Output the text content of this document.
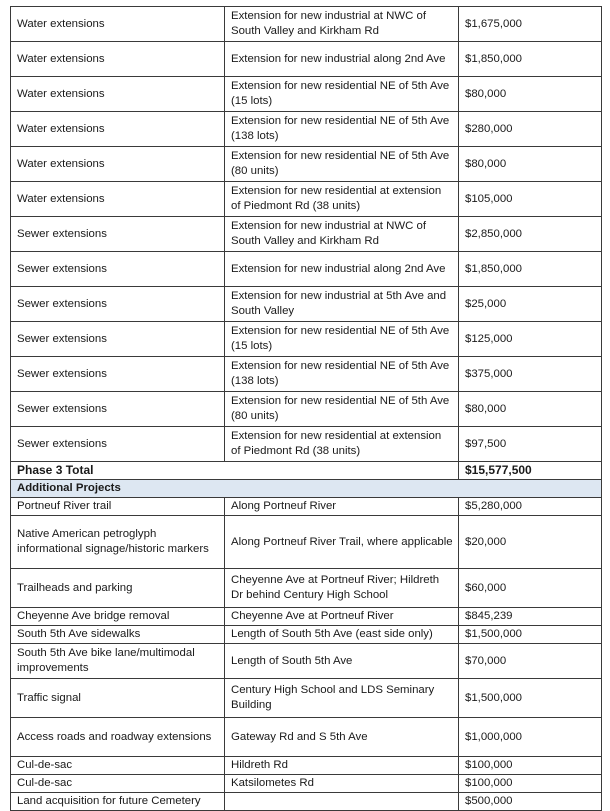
Water extensions	Extension for new industrial at NWC of South Valley and Kirkham Rd	$1,675,000
Water extensions	Extension for new industrial along 2nd Ave	$1,850,000
Water extensions	Extension for new residential NE of 5th Ave (15 lots)	$80,000
Water extensions	Extension for new residential NE of 5th Ave (138 lots)	$280,000
Water extensions	Extension for new residential NE of 5th Ave (80 units)	$80,000
Water extensions	Extension for new residential at extension of Piedmont Rd (38 units)	$105,000
Sewer extensions	Extension for new industrial at NWC of South Valley and Kirkham Rd	$2,850,000
Sewer extensions	Extension for new industrial along 2nd Ave	$1,850,000
Sewer extensions	Extension for new industrial at 5th Ave and South Valley	$25,000
Sewer extensions	Extension for new residential NE of 5th Ave (15 lots)	$125,000
Sewer extensions	Extension for new residential NE of 5th Ave (138 lots)	$375,000
Sewer extensions	Extension for new residential NE of 5th Ave (80 units)	$80,000
Sewer extensions	Extension for new residential at extension of Piedmont Rd (38 units)	$97,500
Phase 3 Total		$15,577,500
Additional Projects		
Portneuf River trail	Along Portneuf River	$5,280,000
Native American petroglyph informational signage/historic markers	Along Portneuf River Trail, where applicable	$20,000
Trailheads and parking	Cheyenne Ave at Portneuf River; Hildreth Dr behind Century High School	$60,000
Cheyenne Ave bridge removal	Cheyenne Ave at Portneuf River	$845,239
South 5th Ave sidewalks	Length of South 5th Ave (east side only)	$1,500,000
South 5th Ave bike lane/multimodal improvements	Length of South 5th Ave	$70,000
Traffic signal	Century High School and LDS Seminary Building	$1,500,000
Access roads and roadway extensions	Gateway Rd and S 5th Ave	$1,000,000
Cul-de-sac	Hildreth Rd	$100,000
Cul-de-sac	Katsilometes Rd	$100,000
Land acquisition for future Cemetery		$500,000
